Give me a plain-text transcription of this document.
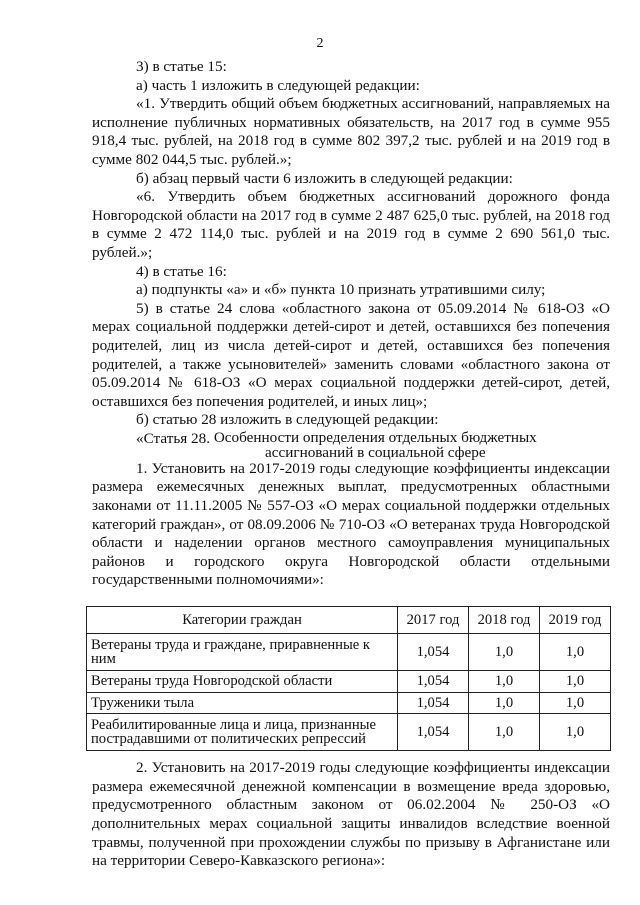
2

3) в статье 15:

а) часть 1 изложить в следующей редакции:

«1. Утвердить общий объем бюджетных ассигнований, направляемых на исполнение публичных нормативных обязательств, на 2017 год в сумме 955 918,4 тыс. рублей, на 2018 год в сумме 802 397,2 тыс. рублей и на 2019 год в сумме 802 044,5 тыс. рублей.»;

б) абзац первый части 6 изложить в следующей редакции:

«6. Утвердить объем бюджетных ассигнований дорожного фонда Новгородской области на 2017 год в сумме 2 487 625,0 тыс. рублей, на 2018 год в сумме 2 472 114,0 тыс. рублей и на 2019 год в сумме 2 690 561,0 тыс. рублей.»;

4) в статье 16:

а) подпункты «а» и «б» пункта 10 признать утратившими силу;

5) в статье 24 слова «областного закона от 05.09.2014 № 618-ОЗ «О мерах социальной поддержки детей-сирот и детей, оставшихся без попечения родителей, лиц из числа детей-сирот и детей, оставшихся без попечения родителей, а также усыновителей» заменить словами «областного закона от 05.09.2014 № 618-ОЗ «О мерах социальной поддержки детей-сирот, детей, оставшихся без попечения родителей, и иных лиц»;

б) статью 28 изложить в следующей редакции:

«Статья 28. Особенности определения отдельных бюджетных
ассигнований в социальной сфере

1. Установить на 2017-2019 годы следующие коэффициенты индексации размера ежемесячных денежных выплат, предусмотренных областными законами от 11.11.2005 № 557-ОЗ «О мерах социальной поддержки отдельных категорий граждан», от 08.09.2006 № 710-ОЗ «О ветеранах труда Новгородской области и наделении органов местного самоуправления муниципальных районов и городского округа Новгородской области отдельными государственными полномочиями»:

Категории граждан	2017 год	2018 год	2019 год
Ветераны труда и граждане, приравненные к ним	1,054	1,0	1,0
Ветераны труда Новгородской области	1,054	1,0	1,0
Труженики тыла	1,054	1,0	1,0
Реабилитированные лица и лица, признанные пострадавшими от политических репрессий	1,054	1,0	1,0

2. Установить на 2017-2019 годы следующие коэффициенты индексации размера ежемесячной денежной компенсации в возмещение вреда здоровью, предусмотренного областным законом от 06.02.2004 № 250-ОЗ «О дополнительных мерах социальной защиты инвалидов вследствие военной травмы, полученной при прохождении службы по призыву в Афганистане или на территории Северо-Кавказского региона»:
